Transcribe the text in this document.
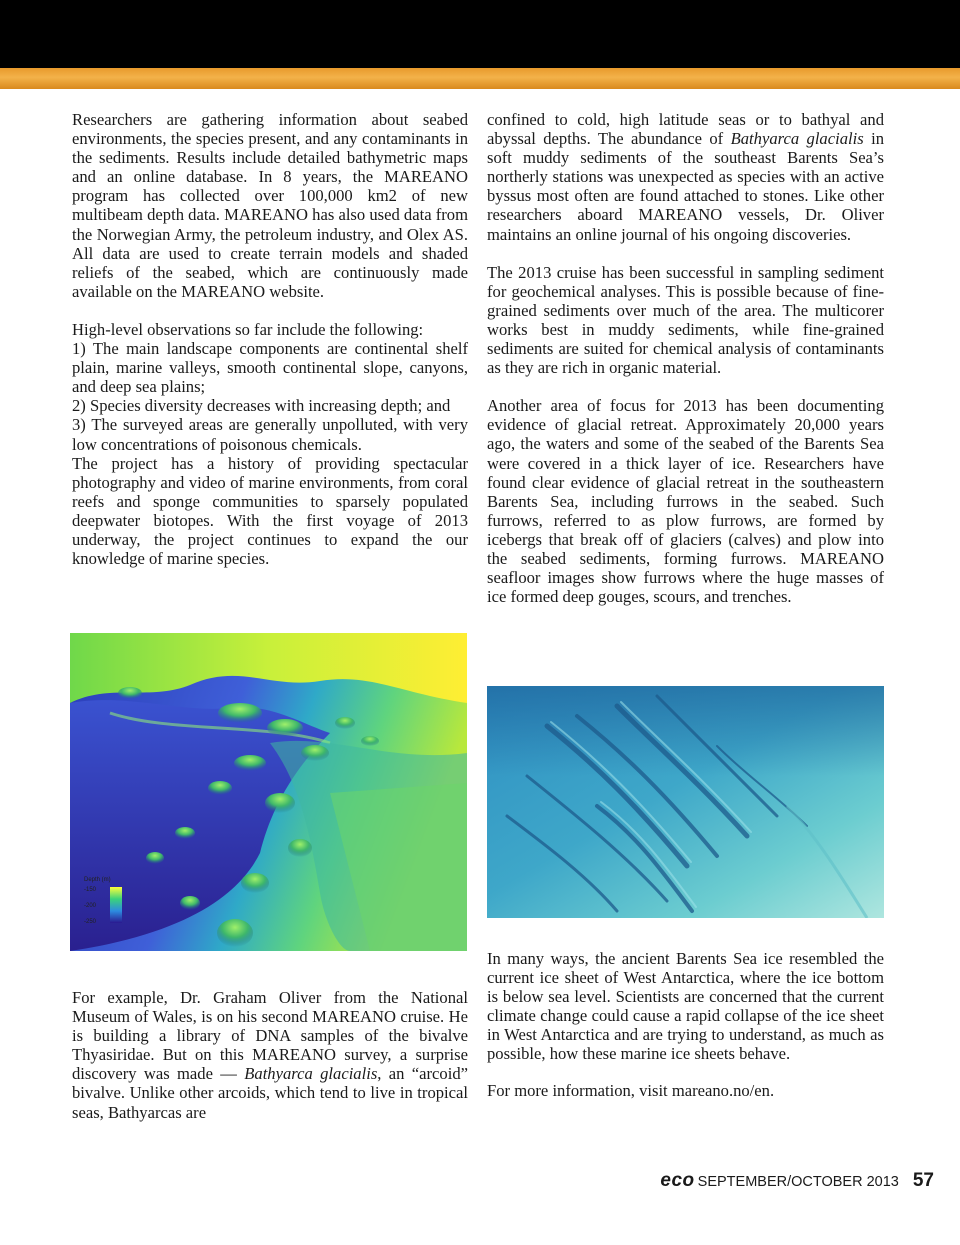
Researchers are gathering information about seabed environments, the species present, and any contaminants in the sediments. Results include detailed bathymetric maps and an online database. In 8 years, the MAREANO program has collected over 100,000 km2 of new multibeam depth data. MAREANO has also used data from the Norwegian Army, the petroleum industry, and Olex AS. All data are used to create terrain models and shaded reliefs of the seabed, which are continuously made available on the MAREANO website.

High-level observations so far include the following:
1) The main landscape components are continental shelf plain, marine valleys, smooth continental slope, canyons, and deep sea plains;
2) Species diversity decreases with increasing depth; and
3) The surveyed areas are generally unpolluted, with very low concentrations of poisonous chemicals.
The project has a history of providing spectacular photography and video of marine environments, from coral reefs and sponge communities to sparsely populated deepwater biotopes. With the first voyage of 2013 underway, the project continues to expand the our knowledge of marine species.
Depth (m)
-150
-200
-250

For example, Dr. Graham Oliver from the National Museum of Wales, is on his second MAREANO cruise. He is building a library of DNA samples of the bivalve Thyasiridae. But on this MAREANO survey, a surprise discovery was made — Bathyarca glacialis, an “arcoid” bivalve. Unlike other arcoids, which tend to live in tropical seas, Bathyarcas are

confined to cold, high latitude seas or to bathyal and abyssal depths. The abundance of Bathyarca glacialis in soft muddy sediments of the southeast Barents Sea’s northerly stations was unexpected as species with an active byssus most often are found attached to stones. Like other researchers aboard MAREANO vessels, Dr. Oliver maintains an online journal of his ongoing discoveries.

The 2013 cruise has been successful in sampling sediment for geochemical analyses. This is possible because of fine-grained sediments over much of the area. The multicorer works best in muddy sediments, while fine-grained sediments are suited for chemical analysis of contaminants as they are rich in organic material.

Another area of focus for 2013 has been documenting evidence of glacial retreat. Approximately 20,000 years ago, the waters and some of the seabed of the Barents Sea were covered in a thick layer of ice. Researchers have found clear evidence of glacial retreat in the southeastern Barents Sea, including furrows in the seabed. Such furrows, referred to as plow furrows, are formed by icebergs that break off of glaciers (calves) and plow into the seabed sediments, forming furrows. MAREANO seafloor images show furrows where the huge masses of ice formed deep gouges, scours, and trenches.

In many ways, the ancient Barents Sea ice resembled the current ice sheet of West Antarctica, where the ice bottom is below sea level. Scientists are concerned that the current climate change could cause a rapid collapse of the ice sheet in West Antarctica and are trying to understand, as much as possible, how these marine ice sheets behave.

For more information, visit mareano.no/en.

eco SEPTEMBER/OCTOBER 2013 57
